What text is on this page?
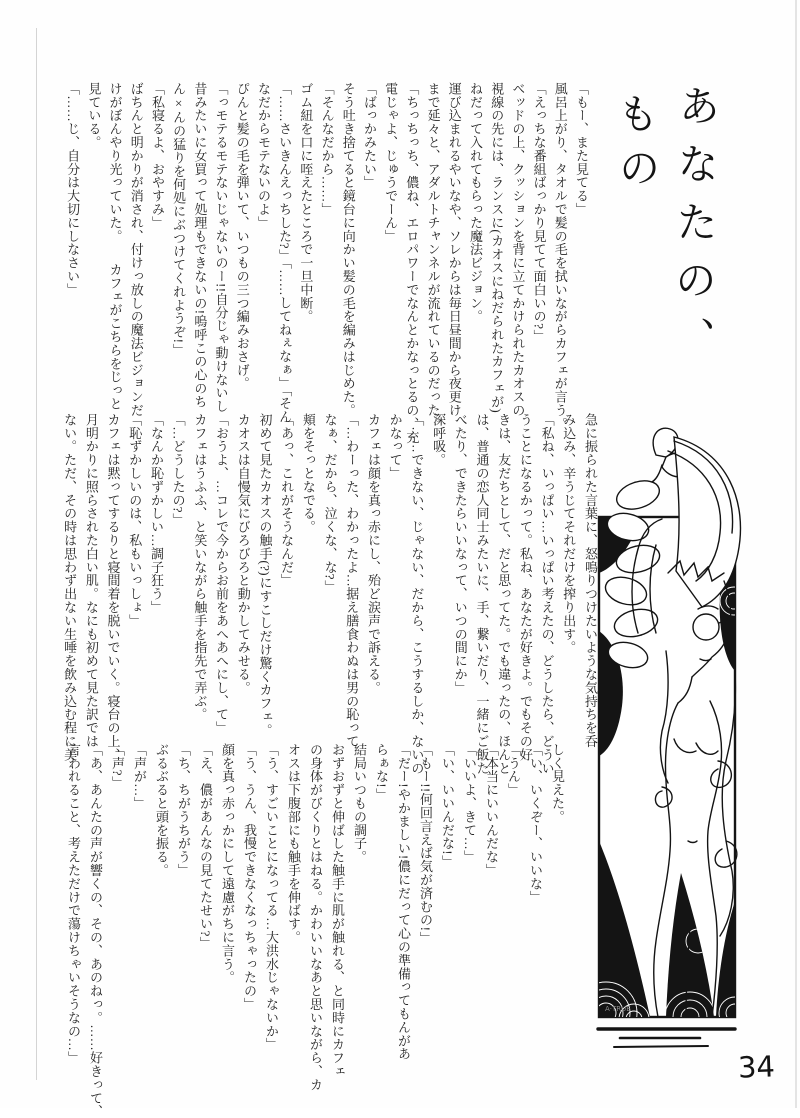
あなたの、
もの

「もー、また見てる」

風呂上がり、タオルで髪の毛を拭いながらカフェが言う。

「えっちな番組ばっかり見てて面白いの?」

ベッドの上、クッションを背に立てかけられたカオスの

視線の先には、ランスに(カオスにねだられたカフェが)

ねだって入れてもらった魔法ビジョン。

運び込まれるやいなや、ソレからは毎日昼間から夜更け

まで延々と、アダルトチャンネルが流れているのだった。

「ちっちっち、儂ね、エロパワーでなんとかなっとるの、充

電じゃよ、じゅうでーん」

「ばっかみたい」

そう吐き捨てると鏡台に向かい髪の毛を編みはじめた。

「そんなだから……」

ゴム紐を口に咥えたところで一旦中断。

「……さいきんえっちした?」「……してねぇなぁ」「そん

なだからモテないのよ」

ぴんと髪の毛を弾いて、いつもの三つ編みおさげ。

「っモテるモテないじゃないのー!!自分じゃ動けないし

昔みたいに女買って処理もできないの!嗚呼この心のち

ん×んの猛りを何処にぶつけてくれようぞ!」

「私寝るよ、おやすみ」

ばちんと明かりが消され、付けっ放しの魔法ビジョンだ

けがぼんやり光っていた。　　カフェがこちらをじっと

見ている。

「……じ、自分は大切にしなさい」

急に振られた言葉に、怒鳴りつけたいような気持ちを呑

み込み、辛うじてそれだけを搾り出す。

「私ね、いっぱい…いっぱい考えたの、どうしたら、どうい

うことになるかって。私ね、あなたが好きよ。でもその好

きは、友だちとして、だと思ってた。でも違ったの、ほんと

は、普通の恋人同士みたいに、手、繋いだり、一緒にご飯た

べたり、できたらいいなって、いつの間にか」

深呼吸。

「……できない、じゃない、だから、こうするしか、ないの

かなって」

カフェは顔を真っ赤にし、殆ど涙声で訴える。

「…わーった、わかったよ…据え膳食わぬは男の恥って

なぁ、だから、泣くな、な?」

頬をそっとなでる。

「あっ、これがそうなんだ」

初めて見たカオスの触手(?)にすこしだけ驚くカフェ。

カオスは自慢気にびろびろと動かしてみせる。

「おうよ、…コレで今からお前をあへあへにし、て」

カフェはうふふ、と笑いながら触手を指先で弄ぶ。

「…どうしたの?」

「なんか恥ずかしい…調子狂う」

「恥ずかしいのは、私もいっしょ」

カフェは黙ってするりと寝間着を脱いでいく。寝台の上、

月明かりに照らされた白い肌。なにも初めて見た訳では

ない。ただ、その時は思わず出ない生唾を飲み込む程に美

しく見えた。

「い、いくぞー、いいな」

「うん」

「本当にいいんだな」

「いいよ、きて…」

「い、いいんだな!」

「もー!!何回言えば気が済むの!」

「だー!やかましい!儂にだって心の準備ってもんがあ

らぁな!」

結局いつもの調子。

おずおずと伸ばした触手に肌が触れる、と同時にカフェ

の身体がびくりとはねる。かわいいなあと思いながら、カ

オスは下腹部にも触手を伸ばす。

「う、すごいことになってる…大洪水じゃないか」

「う、うん、我慢できなくなっちゃったの」

顔を真っ赤っかにして遠慮がちに言う。

「え、儂があんなの見てたせい?」

「ち、ちがうちがう」

ぶるぶると頭を振る。

「声が…」

「声?」

「あ、あんたの声が響くの、その、あのねっ。……好きって、

言われること、考えただけで蕩けちゃいそうなの…」	A·TRUE
34
